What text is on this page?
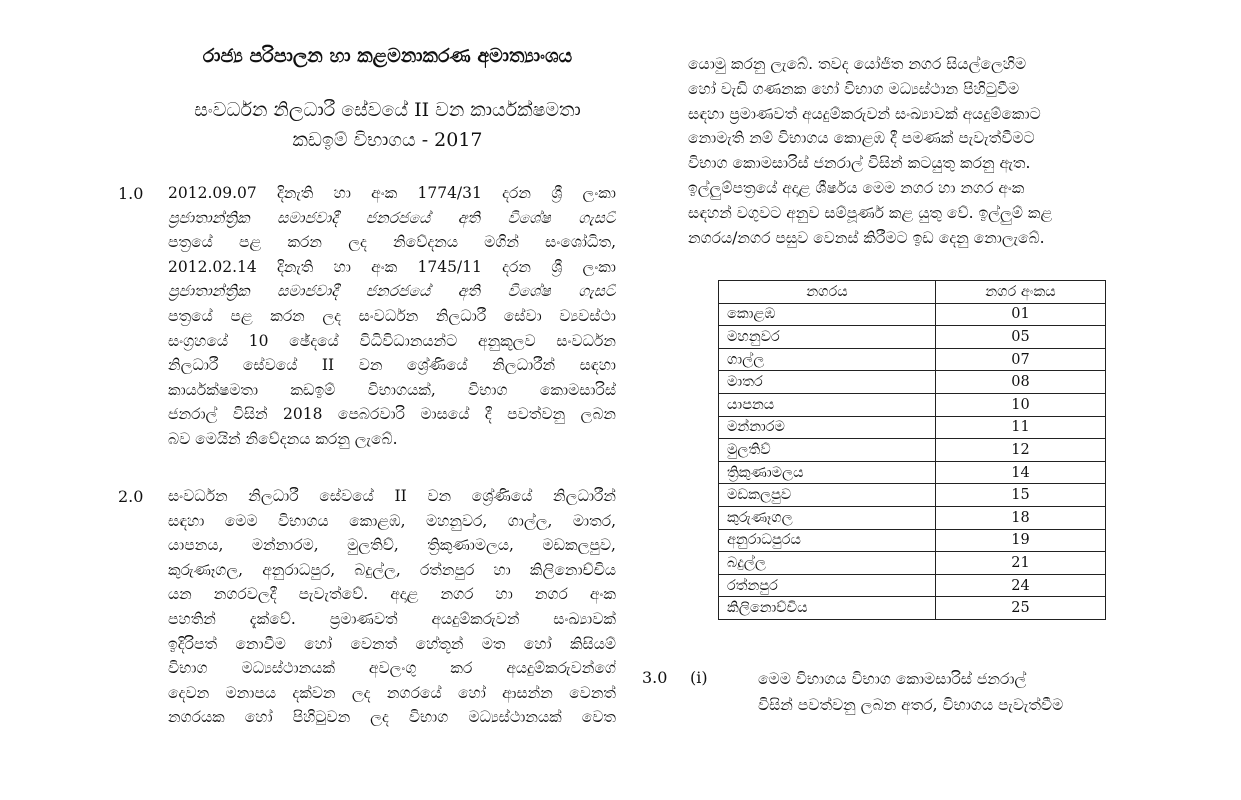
රාජ්‍ය පරිපාලන හා කළමනාකරණ අමාත්‍යාංශය
සංවර්ධන නිලධාරී සේවයේ II වන කාර්යක්ෂමතා
කඩඉම් විභාගය - 2017
1.0 2012.09.07 දිනැති හා අංක 1774/31 දරන ශ්‍රී ලංකා
ප්‍රජාතාන්ත්‍රික සමාජවාදී ජනරජයේ අති විශේෂ ගැසට්
පත්‍රයේ පළ කරන ලද නිවේදනය මගින් සංශෝධිත,
2012.02.14 දිනැති හා අංක 1745/11 දරන ශ්‍රී ලංකා
ප්‍රජාතාන්ත්‍රික සමාජවාදී ජනරජයේ අති විශේෂ ගැසට්
පත්‍රයේ පළ කරන ලද සංවර්ධන නිලධාරී සේවා ව්‍යවස්ථා
සංග්‍රහයේ 10 ඡේදයේ විධිවිධානයන්ට අනුකූලව සංවර්ධන
නිලධාරී සේවයේ II වන ශ්‍රේණියේ නිලධාරීන් සඳහා
කාර්යක්ෂමතා කඩඉම් විභාගයක්, විභාග කොමසාරිස්
ජනරාල් විසින් 2018 පෙබරවාරි මාසයේ දී පවත්වනු ලබන
බව මෙයින් නිවේදනය කරනු ලැබේ.
2.0 සංවර්ධන නිලධාරී සේවයේ II වන ශ්‍රේණියේ නිලධාරීන්
සඳහා මෙම විභාගය කොළඹ, මහනුවර, ගාල්ල, මාතර,
යාපනය, මන්නාරම, මුලතිව්, ත්‍රිකුණාමලය, මඩකලපුව,
කුරුණෑගල, අනුරාධපුර, බදුල්ල, රත්නපුර හා කිලිනොච්චිය
යන නගරවලදී පැවැත්වේ. අදාළ නගර හා නගර අංක
පහතින් දැක්වේ. ප්‍රමාණවත් අයදුම්කරුවන් සංඛ්‍යාවක්
ඉදිරිපත් නොවීම හෝ වෙනත් හේතූන් මත හෝ කිසියම්
විභාග මධ්‍යස්ථානයක් අවලංගු කර අයදුම්කරුවන්ගේ
දෙවන මනාපය දක්වන ලද නගරයේ හෝ ආසන්න වෙනත්
නගරයක හෝ පිහිටුවන ලද විභාග මධ්‍යස්ථානයක් වෙත
යොමු කරනු ලැබේ. තවද යෝජිත නගර සියල්ලෙහිම
හෝ වැඩි ගණනක හෝ විභාග මධ්‍යස්ථාන පිහිටුවීම
සඳහා ප්‍රමාණවත් අයදුම්කරුවන් සංඛ්‍යාවක් අයදුම්කොට
නොමැති නම් විභාගය කොළඹ දී පමණක් පැවැත්වීමට
විභාග කොමසාරිස් ජනරාල් විසින් කටයුතු කරනු ඇත.
ඉල්ලුම්පත්‍රයේ අදාළ ශීර්ෂය මෙම නගර හා නගර අංක
සඳහන් වගුවට අනුව සම්පූර්ණ කළ යුතු වේ. ඉල්ලුම් කළ
නගරය/නගර පසුව වෙනස් කිරීමට ඉඩ දෙනු නොලැබේ.
නගරය	නගර අංකය
කොළඹ	01
මහනුවර	05
ගාල්ල	07
මාතර	08
යාපනය	10
මන්නාරම	11
මුලතිව්	12
ත්‍රිකුණාමලය	14
මඩකලපුව	15
කුරුණෑගල	18
අනුරාධපුරය	19
බදුල්ල	21
රත්නපුර	24
කිලිනොච්චිය	25
3.0 (i)	මෙම විභාගය විභාග කොමසාරිස් ජනරාල්
විසින් පවත්වනු ලබන අතර, විභාගය පැවැත්වීම
